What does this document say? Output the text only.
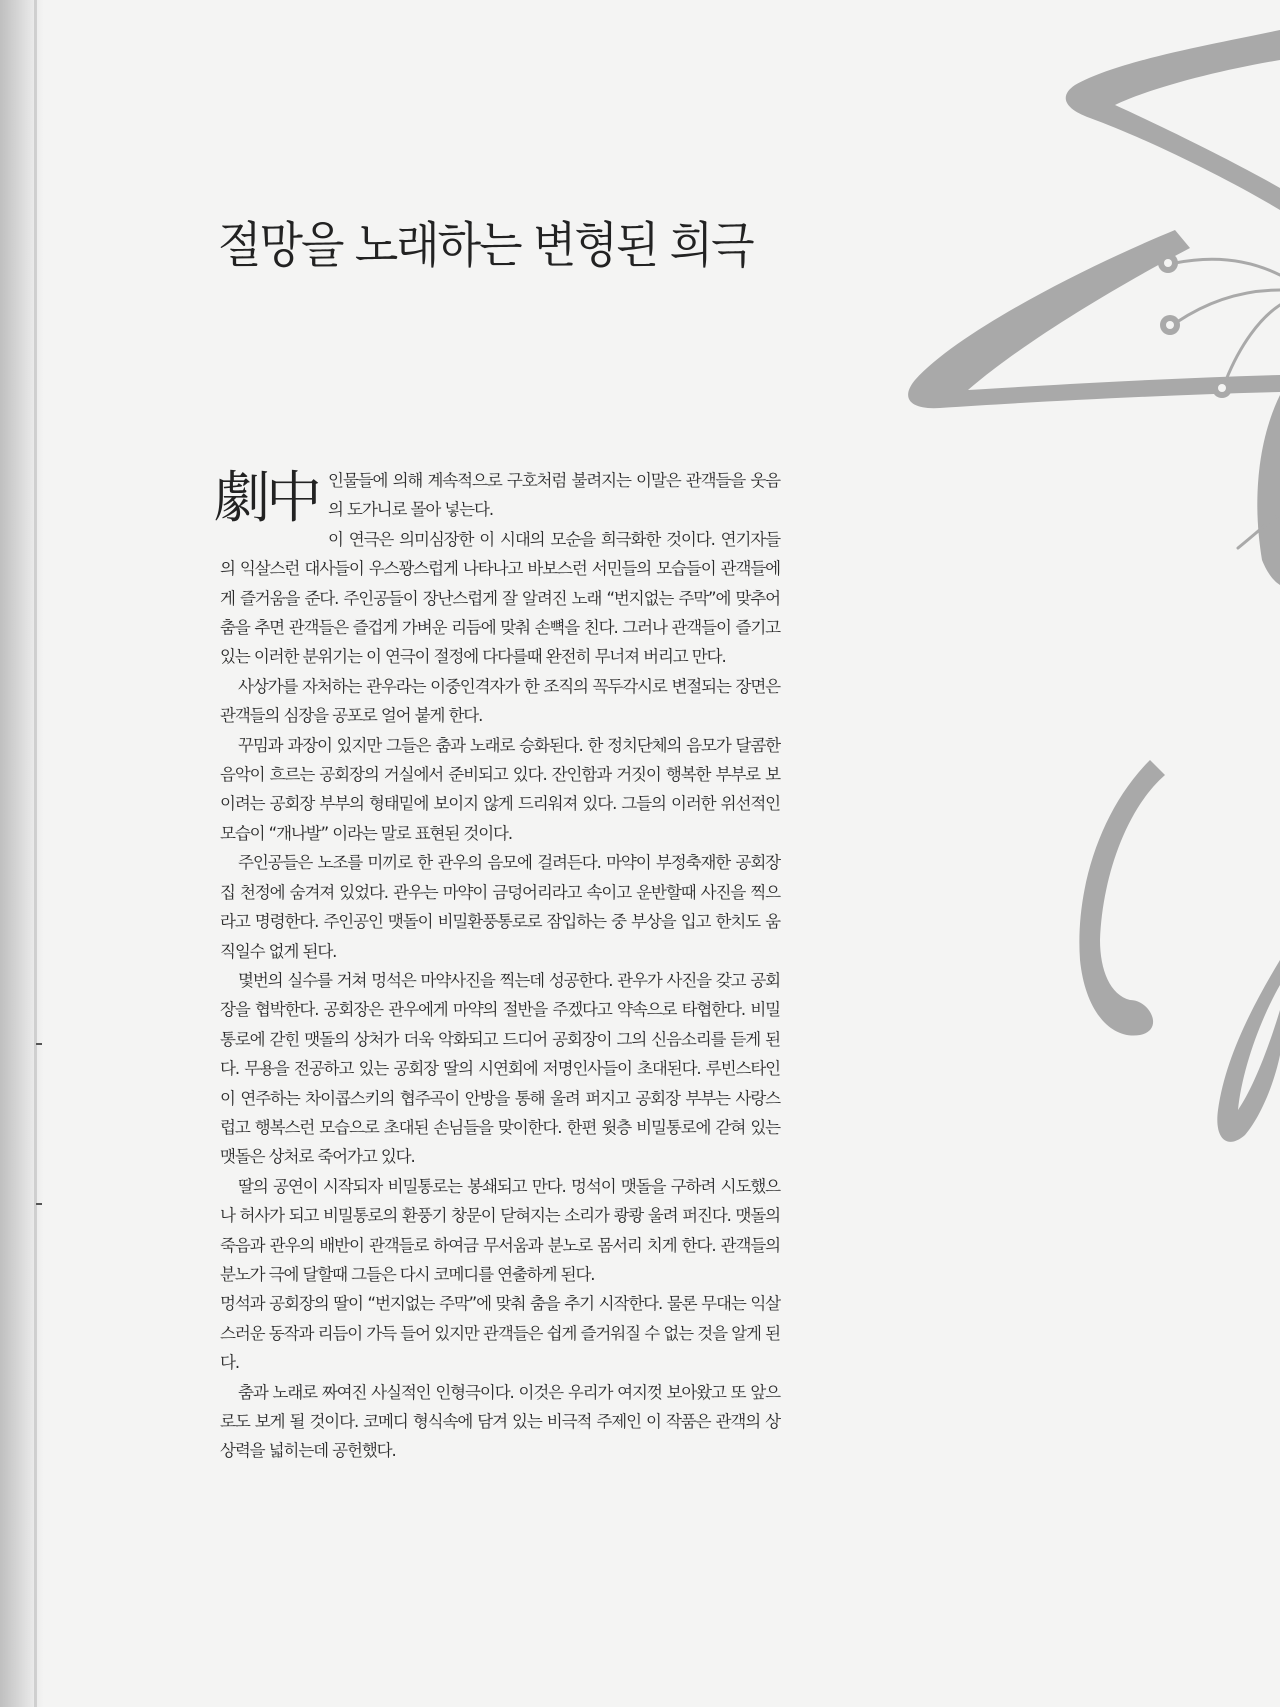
절망을 노래하는 변형된 희극
劇中 인물들에 의해 계속적으로 구호처럼 불려지는 이말은 관객들을 웃음의 도가니로 몰아 넣는다.

이 연극은 의미심장한 이 시대의 모순을 희극화한 것이다. 연기자들의 익살스런 대사들이 우스꽝스럽게 나타나고 바보스런 서민들의 모습들이 관객들에게 즐거움을 준다. 주인공들이 장난스럽게 잘 알려진 노래 “번지없는 주막”에 맞추어 춤을 추면 관객들은 즐겁게 가벼운 리듬에 맞춰 손뼉을 친다. 그러나 관객들이 즐기고 있는 이러한 분위기는 이 연극이 절정에 다다를때 완전히 무너져 버리고 만다.

사상가를 자처하는 관우라는 이중인격자가 한 조직의 꼭두각시로 변절되는 장면은 관객들의 심장을 공포로 얼어 붙게 한다.

꾸밈과 과장이 있지만 그들은 춤과 노래로 승화된다. 한 정치단체의 음모가 달콤한 음악이 흐르는 공회장의 거실에서 준비되고 있다. 잔인함과 거짓이 행복한 부부로 보이려는 공회장 부부의 형태밑에 보이지 않게 드리워져 있다. 그들의 이러한 위선적인 모습이 “개나발” 이라는 말로 표현된 것이다.

주인공들은 노조를 미끼로 한 관우의 음모에 걸려든다. 마약이 부정축재한 공회장집 천정에 숨겨져 있었다. 관우는 마약이 금덩어리라고 속이고 운반할때 사진을 찍으라고 명령한다. 주인공인 맷돌이 비밀환풍통로로 잠입하는 중 부상을 입고 한치도 움직일수 없게 된다.

몇번의 실수를 거쳐 멍석은 마약사진을 찍는데 성공한다. 관우가 사진을 갖고 공회장을 협박한다. 공회장은 관우에게 마약의 절반을 주겠다고 약속으로 타협한다. 비밀통로에 갇힌 맷돌의 상처가 더욱 악화되고 드디어 공회장이 그의 신음소리를 듣게 된다. 무용을 전공하고 있는 공회장 딸의 시연회에 저명인사들이 초대된다. 루빈스타인이 연주하는 차이콥스키의 협주곡이 안방을 통해 울려 퍼지고 공회장 부부는 사랑스럽고 행복스런 모습으로 초대된 손님들을 맞이한다. 한편 윗층 비밀통로에 갇혀 있는 맷돌은 상처로 죽어가고 있다.

딸의 공연이 시작되자 비밀통로는 봉쇄되고 만다. 멍석이 맷돌을 구하려 시도했으나 허사가 되고 비밀통로의 환풍기 창문이 닫혀지는 소리가 쾅쾅 울려 퍼진다. 맷돌의 죽음과 관우의 배반이 관객들로 하여금 무서움과 분노로 몸서리 치게 한다. 관객들의 분노가 극에 달할때 그들은 다시 코메디를 연출하게 된다.

멍석과 공회장의 딸이 “번지없는 주막”에 맞춰 춤을 추기 시작한다. 물론 무대는 익살스러운 동작과 리듬이 가득 들어 있지만 관객들은 쉽게 즐거워질 수 없는 것을 알게 된다.

춤과 노래로 짜여진 사실적인 인형극이다. 이것은 우리가 여지껏 보아왔고 또 앞으로도 보게 될 것이다. 코메디 형식속에 담겨 있는 비극적 주제인 이 작품은 관객의 상상력을 넓히는데 공헌했다.
